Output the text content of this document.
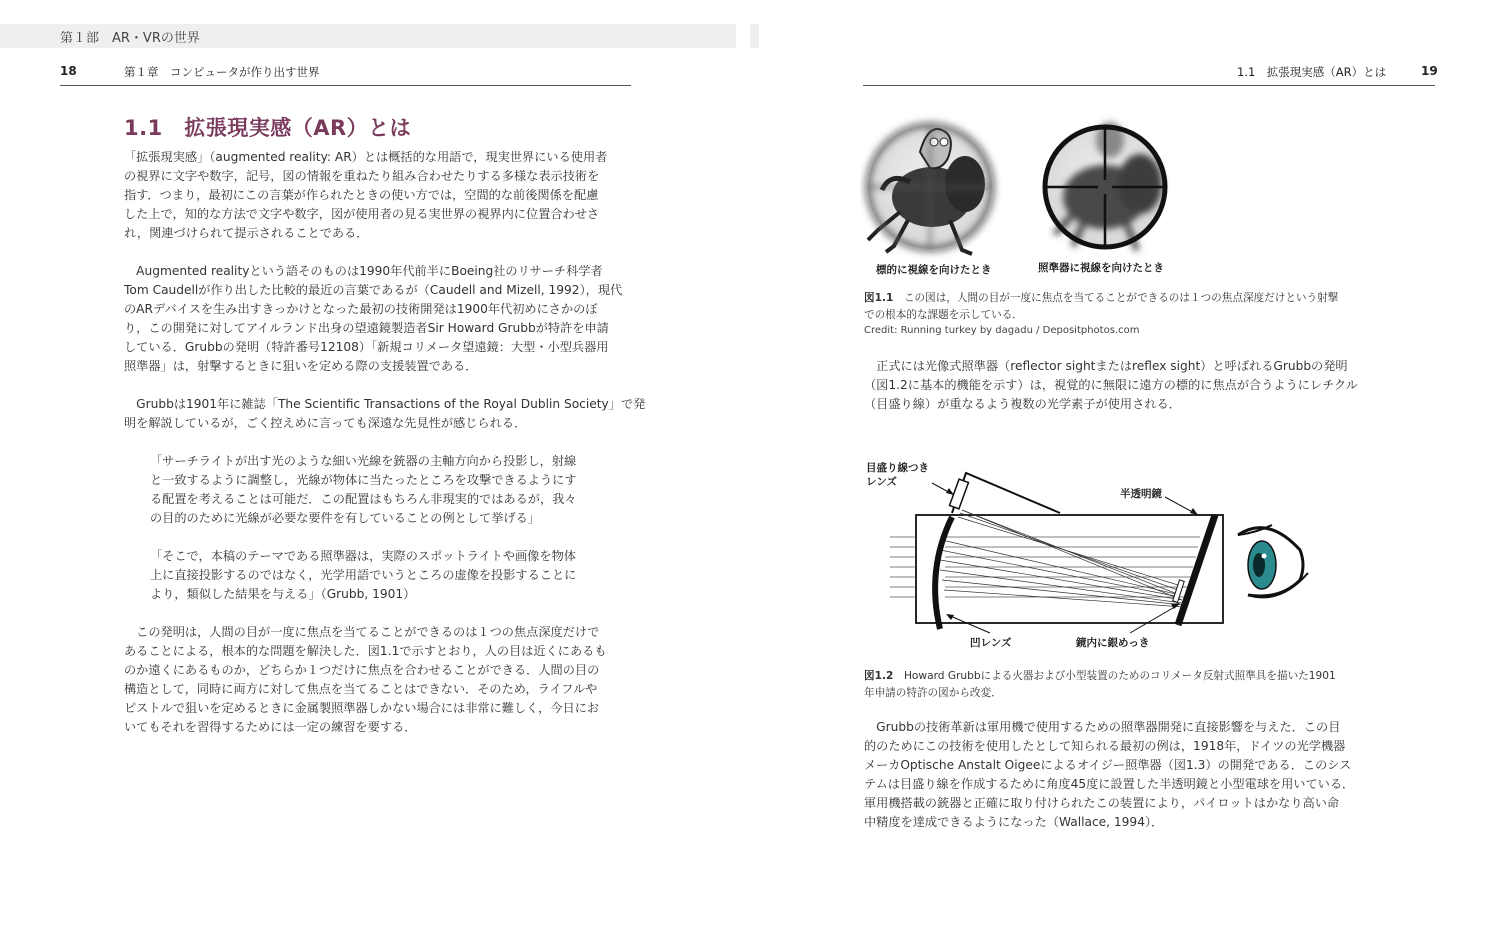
第１部　AR・VRの世界
18	第１章　コンピュータが作り出す世界	1.1　拡張現実感（AR）とは	19
1.1　拡張現実感（AR）とは

「拡張現実感」（augmented reality: AR）とは概括的な用語で，現実世界にいる使用者

の視界に文字や数字，記号，図の情報を重ねたり組み合わせたりする多様な表示技術を

指す．つまり，最初にこの言葉が作られたときの使い方では，空間的な前後関係を配慮

した上で，知的な方法で文字や数字，図が使用者の見る実世界の視界内に位置合わせさ

れ，関連づけられて提示されることである．

　Augmented realityという語そのものは1990年代前半にBoeing社のリサーチ科学者

Tom Caudellが作り出した比較的最近の言葉であるが（Caudell and Mizell, 1992），現代

のARデバイスを生み出すきっかけとなった最初の技術開発は1900年代初めにさかのぼ

り，この開発に対してアイルランド出身の望遠鏡製造者Sir Howard Grubbが特許を申請

している．Grubbの発明（特許番号12108）「新規コリメータ望遠鏡：大型・小型兵器用

照準器」は，射撃するときに狙いを定める際の支援装置である．

　Grubbは1901年に雑誌「The Scientific Transactions of the Royal Dublin Society」で発

明を解説しているが，ごく控えめに言っても深遠な先見性が感じられる．

「サーチライトが出す光のような細い光線を銃器の主軸方向から投影し，射線

と一致するように調整し，光線が物体に当たったところを攻撃できるようにす

る配置を考えることは可能だ．この配置はもちろん非現実的ではあるが，我々

の目的のために光線が必要な要件を有していることの例として挙げる」

「そこで，本稿のテーマである照準器は，実際のスポットライトや画像を物体

上に直接投影するのではなく，光学用語でいうところの虚像を投影することに

より，類似した結果を与える」（Grubb, 1901）

　この発明は，人間の目が一度に焦点を当てることができるのは１つの焦点深度だけで

あることによる，根本的な問題を解決した．図1.1で示すとおり，人の目は近くにあるも

のか遠くにあるものか，どちらか１つだけに焦点を合わせることができる．人間の目の

構造として，同時に両方に対して焦点を当てることはできない．そのため，ライフルや

ピストルで狙いを定めるときに金属製照準器しかない場合には非常に難しく，今日にお

いてもそれを習得するためには一定の練習を要する．

標的に視線を向けたとき	照準器に視線を向けたとき
図1.1　 この図は，人間の目が一度に焦点を当てることができるのは１つの焦点深度だけという射撃
での根本的な課題を示している．
Credit: Running turkey by dagadu / Depositphotos.com

　正式には光像式照準器（reflector sightまたはreflex sight）と呼ばれるGrubbの発明

（図1.2に基本的機能を示す）は，視覚的に無限に遠方の標的に焦点が合うようにレチクル

（目盛り線）が重なるよう複数の光学素子が使用される．

目盛り線つき
レンズ
半透明鏡
凹レンズ	鏡内に銀めっき
図1.2　 Howard Grubbによる火器および小型装置のためのコリメータ反射式照準具を描いた1901
年申請の特許の図から改変．

　Grubbの技術革新は軍用機で使用するための照準器開発に直接影響を与えた．この目

的のためにこの技術を使用したとして知られる最初の例は，1918年，ドイツの光学機器

メーカOptische Anstalt Oigeeによるオイジー照準器（図1.3）の開発である．このシス

テムは目盛り線を作成するために角度45度に設置した半透明鏡と小型電球を用いている．

軍用機搭載の銃器と正確に取り付けられたこの装置により，パイロットはかなり高い命

中精度を達成できるようになった（Wallace, 1994）．
